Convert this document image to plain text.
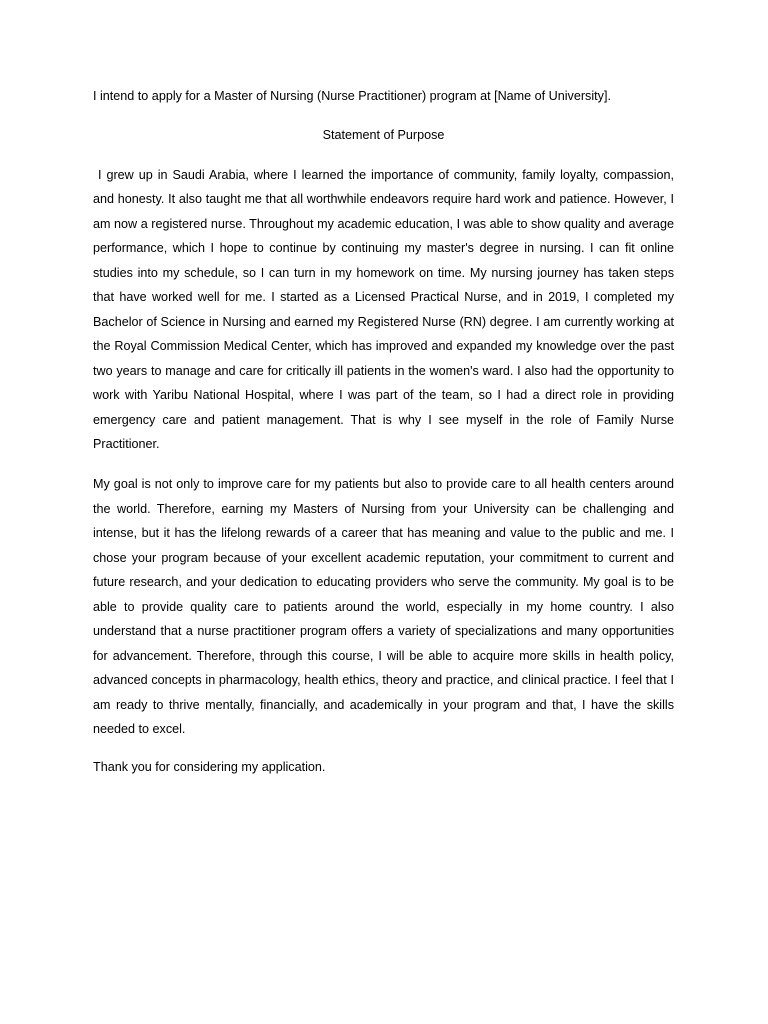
I intend to apply for a Master of Nursing (Nurse Practitioner) program at [Name of University].

Statement of Purpose

I grew up in Saudi Arabia, where I learned the importance of community, family loyalty, compassion, and honesty. It also taught me that all worthwhile endeavors require hard work and patience. However, I am now a registered nurse. Throughout my academic education, I was able to show quality and average performance, which I hope to continue by continuing my master's degree in nursing. I can fit online studies into my schedule, so I can turn in my homework on time. My nursing journey has taken steps that have worked well for me. I started as a Licensed Practical Nurse, and in 2019, I completed my Bachelor of Science in Nursing and earned my Registered Nurse (RN) degree. I am currently working at the Royal Commission Medical Center, which has improved and expanded my knowledge over the past two years to manage and care for critically ill patients in the women's ward. I also had the opportunity to work with Yaribu National Hospital, where I was part of the team, so I had a direct role in providing emergency care and patient management. That is why I see myself in the role of Family Nurse Practitioner.

My goal is not only to improve care for my patients but also to provide care to all health centers around the world. Therefore, earning my Masters of Nursing from your University can be challenging and intense, but it has the lifelong rewards of a career that has meaning and value to the public and me. I chose your program because of your excellent academic reputation, your commitment to current and future research, and your dedication to educating providers who serve the community. My goal is to be able to provide quality care to patients around the world, especially in my home country. I also understand that a nurse practitioner program offers a variety of specializations and many opportunities for advancement. Therefore, through this course, I will be able to acquire more skills in health policy, advanced concepts in pharmacology, health ethics, theory and practice, and clinical practice. I feel that I am ready to thrive mentally, financially, and academically in your program and that, I have the skills needed to excel.

Thank you for considering my application.
